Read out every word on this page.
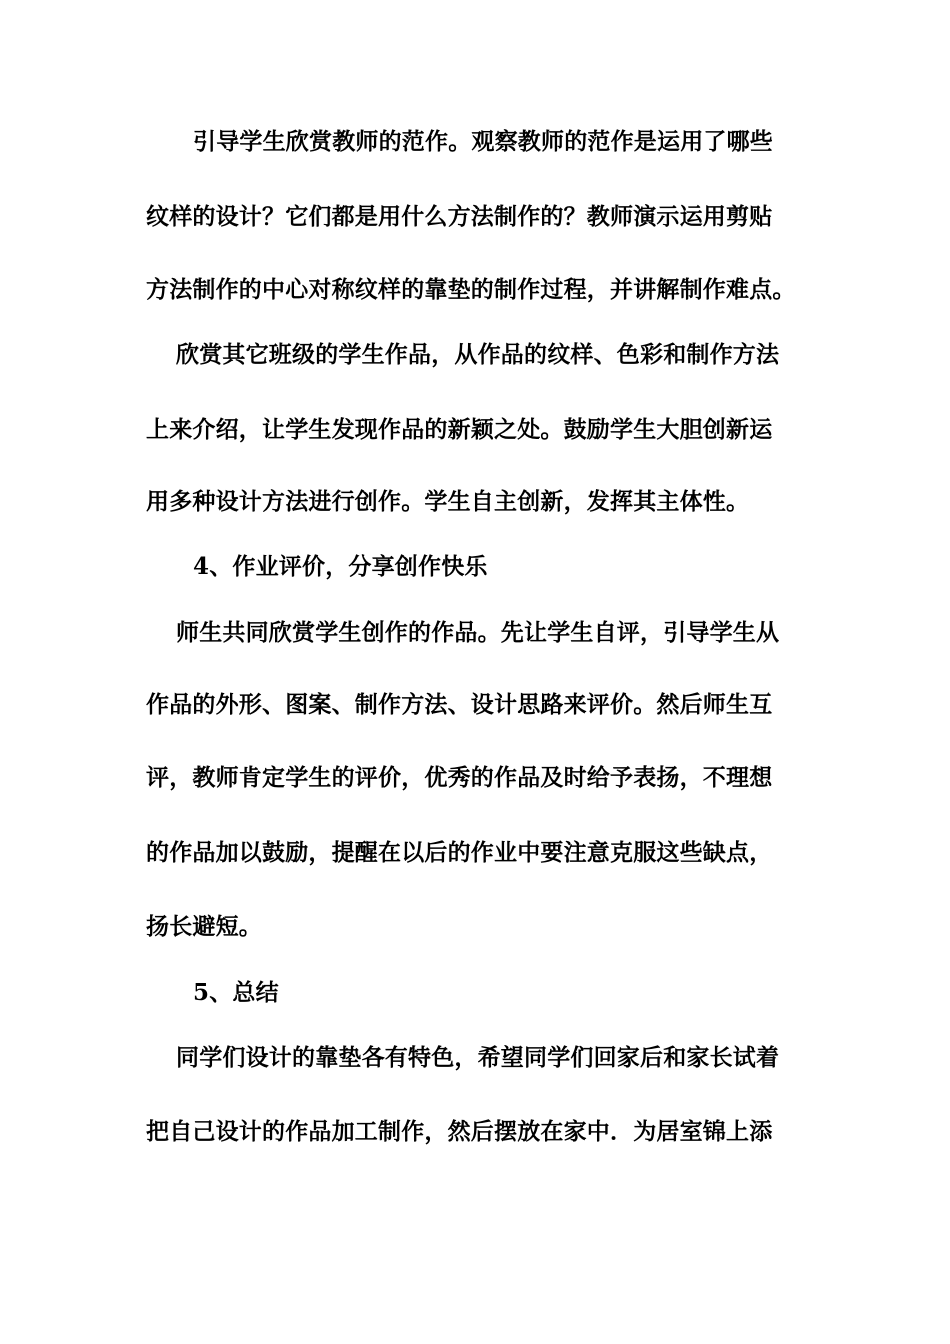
引导学生欣赏教师的范作。观察教师的范作是运用了哪些
纹样的设计？它们都是用什么方法制作的？教师演示运用剪贴
方法制作的中心对称纹样的靠垫的制作过程，并讲解制作难点。
欣赏其它班级的学生作品，从作品的纹样、色彩和制作方法
上来介绍，让学生发现作品的新颖之处。鼓励学生大胆创新运
用多种设计方法进行创作。学生自主创新，发挥其主体性。
4、作业评价，分享创作快乐
师生共同欣赏学生创作的作品。先让学生自评，引导学生从
作品的外形、图案、制作方法、设计思路来评价。然后师生互
评，教师肯定学生的评价，优秀的作品及时给予表扬，不理想
的作品加以鼓励，提醒在以后的作业中要注意克服这些缺点，
扬长避短。
5、总结
同学们设计的靠垫各有特色，希望同学们回家后和家长试着
把自己设计的作品加工制作，然后摆放在家中．为居室锦上添
